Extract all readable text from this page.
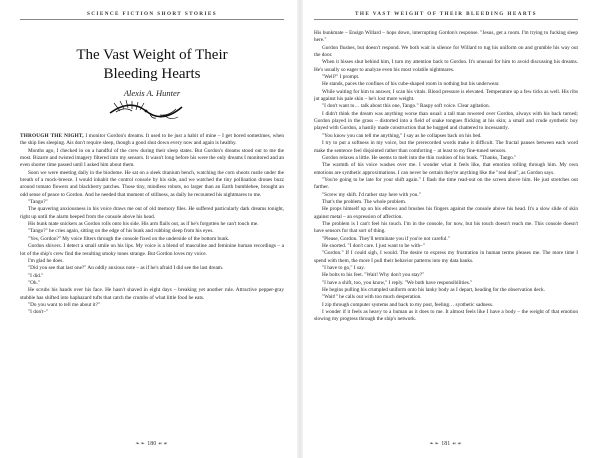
SCIENCE FICTION SHORT STORIES
The Vast Weight of Their
Bleeding Hearts
Alexis A. Hunter

THROUGH THE NIGHT, I monitor Gordon's dreams. It used to be just a habit of mine – I get bored sometimes, when the ship lies sleeping. Ais don't require sleep, though a good shut down every now and again is healthy.

Months ago, I checked in on a handful of the crew during their sleep states. But Gordon's dreams stood out to me the most. Bizarre and twisted imagery filtered into my sensors. It wasn't long before his were the only dreams I monitored and an even shorter time passed until I asked him about them.

Soon we were meeting daily in the biodome. He sat on a sleek titanium bench, watching the corn shoots rustle under the breath of a mock-breeze. I would inhabit the control console by his side, and we watched the tiny pollination drones buzz around tomato flowers and blackberry patches. Those tiny, mindless robots, no larger than an Earth bumblebee, brought an odd sense of peace to Gordon. And he needed that moment of stillness, as daily he recounted his nightmares to me.

"Tango?"

The quavering anxiousness in his voice draws me out of old memory files. He suffered particularly dark dreams tonight, right up until the alarm beeped from the console above his head.

His bunk mate snickers as Gordon rolls onto his side. His arm flails out, as if he's forgotten he can't touch me.

"Tango?" he cries again, sitting on the edge of his bunk and rubbing sleep from his eyes.

"Yes, Gordon?" My voice filters through the console fixed on the underside of the bottom bunk.

Gordon shivers. I detect a small smile on his lips. My voice is a blend of masculine and feminine human recordings – a lot of the ship's crew find the resulting smoky tones strange. But Gordon loves my voice.

I'm glad he does.

"Did you see that last one?" An oddly anxious note – as if he's afraid I did see the last dream.

"I did."

"Oh."

He scrubs his hands over his face. He hasn't shaved in eight days – breaking yet another rule. Attractive pepper-gray stubble has shifted into haphazard tufts that catch the crumbs of what little food he eats.

"Do you want to tell me about it?"

"I don't–"

❧❧ 180 ☙☙
THE VAST WEIGHT OF THEIR BLEEDING HEARTS

His bunkmate – Ensign Willard – hops down, interrupting Gordon's response. "Jesus, get a room. I'm trying to fucking sleep here."

Gordon flushes, but doesn't respond. We both wait in silence for Willard to tug his uniform on and grumble his way out the door.

When it hisses shut behind him, I turn my attention back to Gordon. It's unusual for him to avoid discussing his dreams. He's usually so eager to analyze even his most volatile nightmares.

"Well?" I prompt.

He stands, paces the confines of his cube-shaped room in nothing but his underwear.

While waiting for him to answer, I scan his vitals. Blood pressure is elevated. Temperature up a few ticks as well. His ribs jut against his pale skin – he's lost more weight.

"I don't want to… talk about this one, Tango." Raspy soft voice. Clear agitation.

I didn't think the dream was anything worse than usual: a tall man towered over Gordon, always with his back turned; Gordon played in the grass – distorted into a field of snake tongues flicking at his skin; a small and crude synthetic boy played with Gordon, a hastily made construction that he hugged and chattered to incessantly.

"You know you can tell me anything," I say as he collapses back on his bed.

I try to put a softness in my voice, but the prerecorded words make it difficult. The fractal pauses between each word make the sentence feel disjointed rather than comforting – at least to my fine-tuned sensors.

Gordon relaxes a little. He seems to melt into the thin cushion of his bunk. "Thanks, Tango."

The warmth of his voice washes over me. I wonder what it feels like, that emotion rolling through him. My own emotions are synthetic approximations. I can never be certain they're anything like the "real deal", as Gordon says.

"You're going to be late for your shift again." I flash the time read-out on the screen above him. He just stretches out farther.

"Screw my shift. I'd rather stay here with you."

That's the problem. The whole problem.

He props himself up on his elbows and brushes his fingers against the console above his head. It's a slow slide of skin against metal – an expression of affection.

The problem is I can't feel his touch. I'm in the console, for now, but his touch doesn't reach me. This console doesn't have sensors for that sort of thing.

"Please, Gordon. They'll terminate you if you're not careful."

He snorted. "I don't care. I just want to be with–"

"Gordon." If I could sigh, I would. The desire to express my frustration in human terms pleases me. The more time I spend with them, the more I pull their behavior patterns into my data banks.

"I have to go," I say.

He bolts to his feet. "Wait! Why don't you stay?"

"I have a shift, too, you know," I reply. "We both have responsibilities."

He begins pulling his crumpled uniform onto his lanky body as I depart, heading for the observation deck.

"Wait!" he calls out with too much desperation.

I zip through computer systems and back to my post, feeling… synthetic sadness.

I wonder if it feels as heavy to a human as it does to me. It almost feels like I have a body – the weight of that emotion slowing my progress through the ship's network.

❧❧ 181 ☙☙
